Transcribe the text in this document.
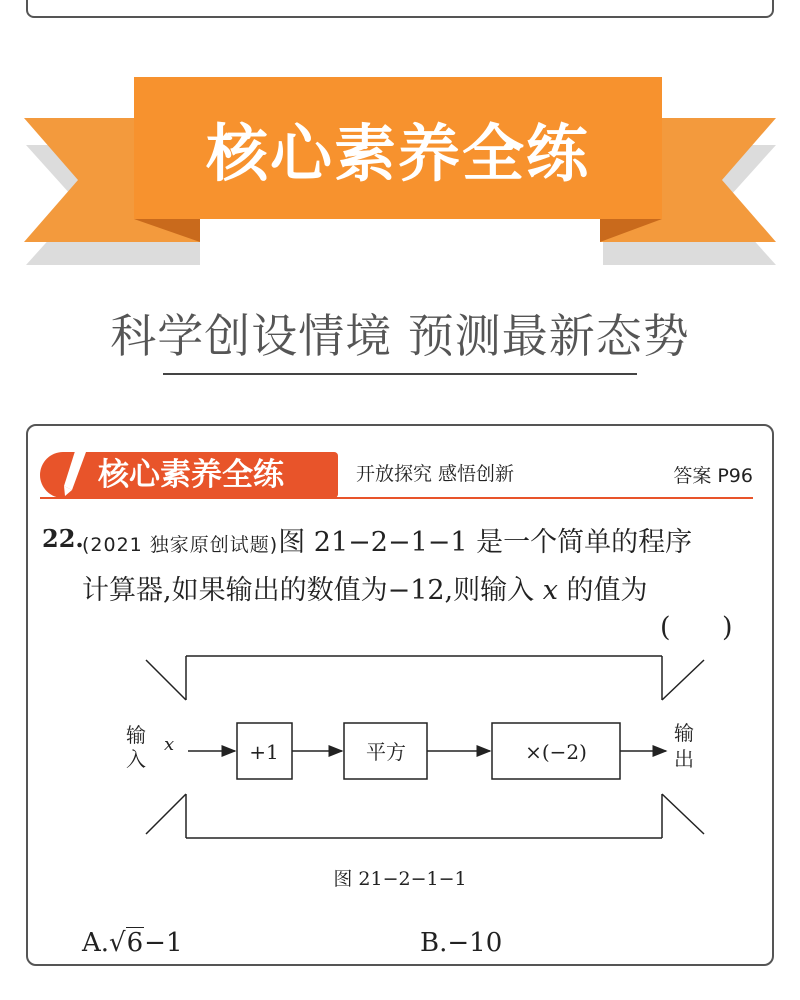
核心素养全练
科学创设情境 预测最新态势
核心素养全练	开放探究 感悟创新	答案 P96
22.
(2021 独家原创试题)图 21−2−1−1 是一个简单的程序
计算器,如果输出的数值为−12,则输入 x 的值为
(      )
输
入
x	+1	平方	×(−2)
输
出
图 21−2−1−1
A.√6−1	B.−10
